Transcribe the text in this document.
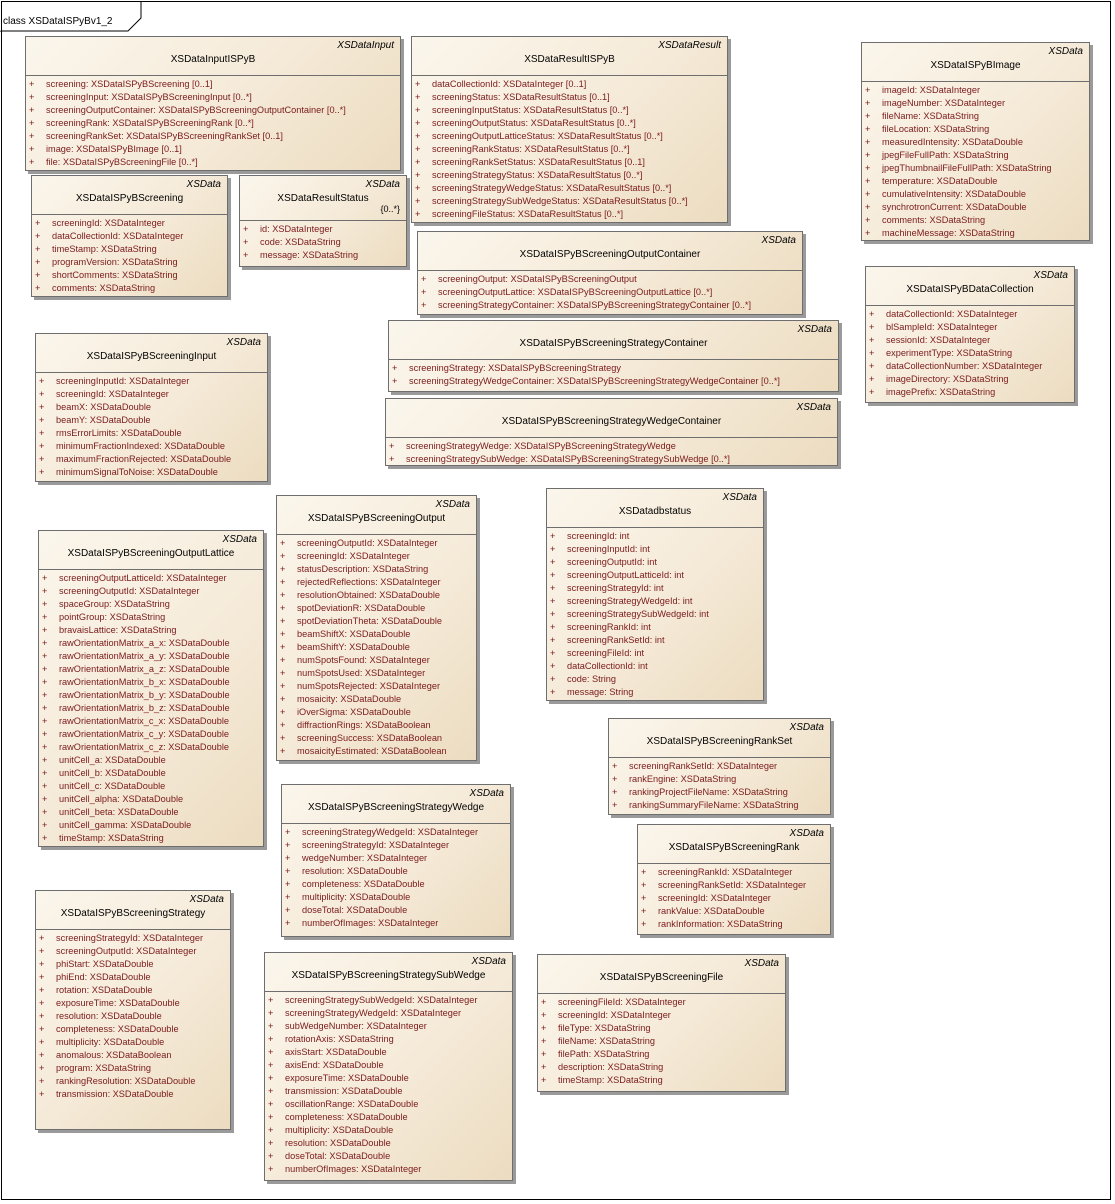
class XSDataISPyBv1_2
XSDataInput
XSDataInputISPyB
+ screening: XSDataISPyBScreening [0..1]
+ screeningInput: XSDataISPyBScreeningInput [0..*]
+ screeningOutputContainer: XSDataISPyBScreeningOutputContainer [0..*]
+ screeningRank: XSDataISPyBScreeningRank [0..*]
+ screeningRankSet: XSDataISPyBScreeningRankSet [0..1]
+ image: XSDataISPyBImage [0..1]
+ file: XSDataISPyBScreeningFile [0..*]
XSDataResult
XSDataResultISPyB
+ dataCollectionId: XSDataInteger [0..1]
+ screeningStatus: XSDataResultStatus [0..1]
+ screeningInputStatus: XSDataResultStatus [0..*]
+ screeningOutputStatus: XSDataResultStatus [0..*]
+ screeningOutputLatticeStatus: XSDataResultStatus [0..*]
+ screeningRankStatus: XSDataResultStatus [0..*]
+ screeningRankSetStatus: XSDataResultStatus [0..1]
+ screeningStrategyStatus: XSDataResultStatus [0..*]
+ screeningStrategyWedgeStatus: XSDataResultStatus [0..*]
+ screeningStrategySubWedgeStatus: XSDataResultStatus [0..*]
+ screeningFileStatus: XSDataResultStatus [0..*]
XSData
XSDataISPyBImage
+ imageId: XSDataInteger
+ imageNumber: XSDataInteger
+ fileName: XSDataString
+ fileLocation: XSDataString
+ measuredIntensity: XSDataDouble
+ jpegFileFullPath: XSDataString
+ jpegThumbnailFileFullPath: XSDataString
+ temperature: XSDataDouble
+ cumulativeIntensity: XSDataDouble
+ synchrotronCurrent: XSDataDouble
+ comments: XSDataString
+ machineMessage: XSDataString
XSData
XSDataISPyBScreening
+ screeningId: XSDataInteger
+ dataCollectionId: XSDataInteger
+ timeStamp: XSDataString
+ programVersion: XSDataString
+ shortComments: XSDataString
+ comments: XSDataString
XSData
XSDataResultStatus
{0..*}
+ id: XSDataInteger
+ code: XSDataString
+ message: XSDataString
XSData
XSDataISPyBScreeningOutputContainer
+ screeningOutput: XSDataISPyBScreeningOutput
+ screeningOutputLattice: XSDataISPyBScreeningOutputLattice [0..*]
+ screeningStrategyContainer: XSDataISPyBScreeningStrategyContainer [0..*]
XSData
XSDataISPyBDataCollection
+ dataCollectionId: XSDataInteger
+ blSampleId: XSDataInteger
+ sessionId: XSDataInteger
+ experimentType: XSDataString
+ dataCollectionNumber: XSDataInteger
+ imageDirectory: XSDataString
+ imagePrefix: XSDataString
XSData
XSDataISPyBScreeningStrategyContainer
+ screeningStrategy: XSDataISPyBScreeningStrategy
+ screeningStrategyWedgeContainer: XSDataISPyBScreeningStrategyWedgeContainer [0..*]
XSData
XSDataISPyBScreeningInput
+ screeningInputId: XSDataInteger
+ screeningId: XSDataInteger
+ beamX: XSDataDouble
+ beamY: XSDataDouble
+ rmsErrorLimits: XSDataDouble
+ minimumFractionIndexed: XSDataDouble
+ maximumFractionRejected: XSDataDouble
+ minimumSignalToNoise: XSDataDouble
XSData
XSDataISPyBScreeningStrategyWedgeContainer
+ screeningStrategyWedge: XSDataISPyBScreeningStrategyWedge
+ screeningStrategySubWedge: XSDataISPyBScreeningStrategySubWedge [0..*]
XSData
XSDataISPyBScreeningOutput
+ screeningOutputId: XSDataInteger
+ screeningId: XSDataInteger
+ statusDescription: XSDataString
+ rejectedReflections: XSDataInteger
+ resolutionObtained: XSDataDouble
+ spotDeviationR: XSDataDouble
+ spotDeviationTheta: XSDataDouble
+ beamShiftX: XSDataDouble
+ beamShiftY: XSDataDouble
+ numSpotsFound: XSDataInteger
+ numSpotsUsed: XSDataInteger
+ numSpotsRejected: XSDataInteger
+ mosaicity: XSDataDouble
+ iOverSigma: XSDataDouble
+ diffractionRings: XSDataBoolean
+ screeningSuccess: XSDataBoolean
+ mosaicityEstimated: XSDataBoolean
XSData
XSDatadbstatus
+ screeningId: int
+ screeningInputId: int
+ screeningOutputId: int
+ screeningOutputLatticeId: int
+ screeningStrategyId: int
+ screeningStrategyWedgeId: int
+ screeningStrategySubWedgeId: int
+ screeningRankId: int
+ screeningRankSetId: int
+ screeningFileId: int
+ dataCollectionId: int
+ code: String
+ message: String
XSData
XSDataISPyBScreeningOutputLattice
+ screeningOutputLatticeId: XSDataInteger
+ screeningOutputId: XSDataInteger
+ spaceGroup: XSDataString
+ pointGroup: XSDataString
+ bravaisLattice: XSDataString
+ rawOrientationMatrix_a_x: XSDataDouble
+ rawOrientationMatrix_a_y: XSDataDouble
+ rawOrientationMatrix_a_z: XSDataDouble
+ rawOrientationMatrix_b_x: XSDataDouble
+ rawOrientationMatrix_b_y: XSDataDouble
+ rawOrientationMatrix_b_z: XSDataDouble
+ rawOrientationMatrix_c_x: XSDataDouble
+ rawOrientationMatrix_c_y: XSDataDouble
+ rawOrientationMatrix_c_z: XSDataDouble
+ unitCell_a: XSDataDouble
+ unitCell_b: XSDataDouble
+ unitCell_c: XSDataDouble
+ unitCell_alpha: XSDataDouble
+ unitCell_beta: XSDataDouble
+ unitCell_gamma: XSDataDouble
+ timeStamp: XSDataString
XSData
XSDataISPyBScreeningRankSet
+ screeningRankSetId: XSDataInteger
+ rankEngine: XSDataString
+ rankingProjectFileName: XSDataString
+ rankingSummaryFileName: XSDataString
XSData
XSDataISPyBScreeningStrategyWedge
+ screeningStrategyWedgeId: XSDataInteger
+ screeningStrategyId: XSDataInteger
+ wedgeNumber: XSDataInteger
+ resolution: XSDataDouble
+ completeness: XSDataDouble
+ multiplicity: XSDataDouble
+ doseTotal: XSDataDouble
+ numberOfImages: XSDataInteger
XSData
XSDataISPyBScreeningRank
+ screeningRankId: XSDataInteger
+ screeningRankSetId: XSDataInteger
+ screeningId: XSDataInteger
+ rankValue: XSDataDouble
+ rankInformation: XSDataString
XSData
XSDataISPyBScreeningStrategy
+ screeningStrategyId: XSDataInteger
+ screeningOutputId: XSDataInteger
+ phiStart: XSDataDouble
+ phiEnd: XSDataDouble
+ rotation: XSDataDouble
+ exposureTime: XSDataDouble
+ resolution: XSDataDouble
+ completeness: XSDataDouble
+ multiplicity: XSDataDouble
+ anomalous: XSDataBoolean
+ program: XSDataString
+ rankingResolution: XSDataDouble
+ transmission: XSDataDouble
XSData
XSDataISPyBScreeningStrategySubWedge
+ screeningStrategySubWedgeId: XSDataInteger
+ screeningStrategyWedgeId: XSDataInteger
+ subWedgeNumber: XSDataInteger
+ rotationAxis: XSDataString
+ axisStart: XSDataDouble
+ axisEnd: XSDataDouble
+ exposureTime: XSDataDouble
+ transmission: XSDataDouble
+ oscillationRange: XSDataDouble
+ completeness: XSDataDouble
+ multiplicity: XSDataDouble
+ resolution: XSDataDouble
+ doseTotal: XSDataDouble
+ numberOfImages: XSDataInteger
XSData
XSDataISPyBScreeningFile
+ screeningFileId: XSDataInteger
+ screeningId: XSDataInteger
+ fileType: XSDataString
+ fileName: XSDataString
+ filePath: XSDataString
+ description: XSDataString
+ timeStamp: XSDataString
